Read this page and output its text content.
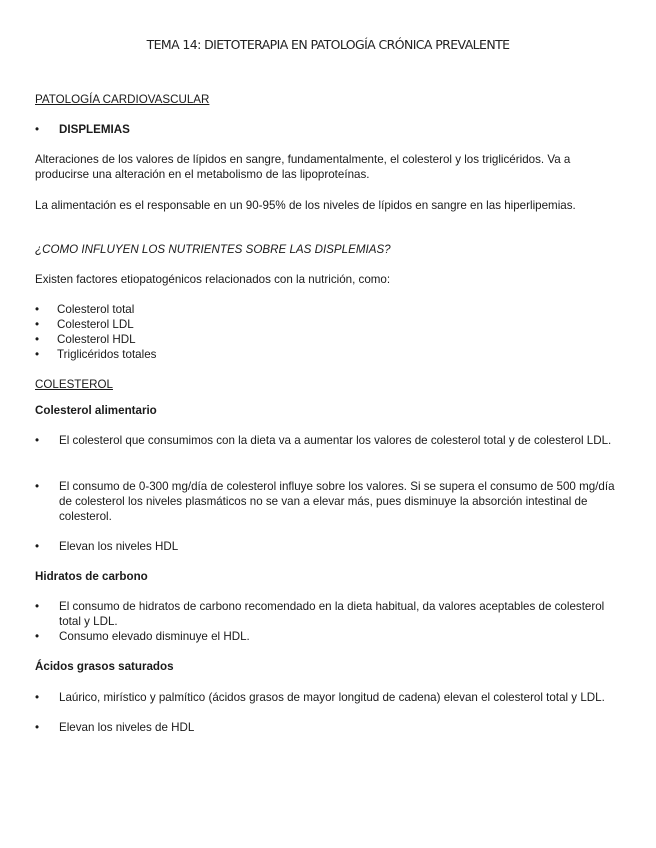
TEMA 14: DIETOTERAPIA EN PATOLOGÍA CRÓNICA PREVALENTE
PATOLOGÍA CARDIOVASCULAR
• DISPLEMIAS
Alteraciones de los valores de lípidos en sangre, fundamentalmente, el colesterol y los triglicéridos. Va a producirse una alteración en el metabolismo de las lipoproteínas.
La alimentación es el responsable en un 90-95% de los niveles de lípidos en sangre en las hiperlipemias.
¿COMO INFLUYEN LOS NUTRIENTES SOBRE LAS DISPLEMIAS?
Existen factores etiopatogénicos relacionados con la nutrición, como:
• Colesterol total
• Colesterol LDL
• Colesterol HDL
• Triglicéridos totales
COLESTEROL
Colesterol alimentario
• El colesterol que consumimos con la dieta va a aumentar los valores de colesterol total y de colesterol LDL.
• El consumo de 0-300 mg/día de colesterol influye sobre los valores. Si se supera el consumo de 500 mg/día de colesterol los niveles plasmáticos no se van a elevar más, pues disminuye la absorción intestinal de colesterol.
• Elevan los niveles HDL
Hidratos de carbono
• El consumo de hidratos de carbono recomendado en la dieta habitual, da valores aceptables de colesterol total y LDL.
• Consumo elevado disminuye el HDL.
Ácidos grasos saturados
• Laúrico, mirístico y palmítico (ácidos grasos de mayor longitud de cadena) elevan el colesterol total y LDL.
• Elevan los niveles de HDL
